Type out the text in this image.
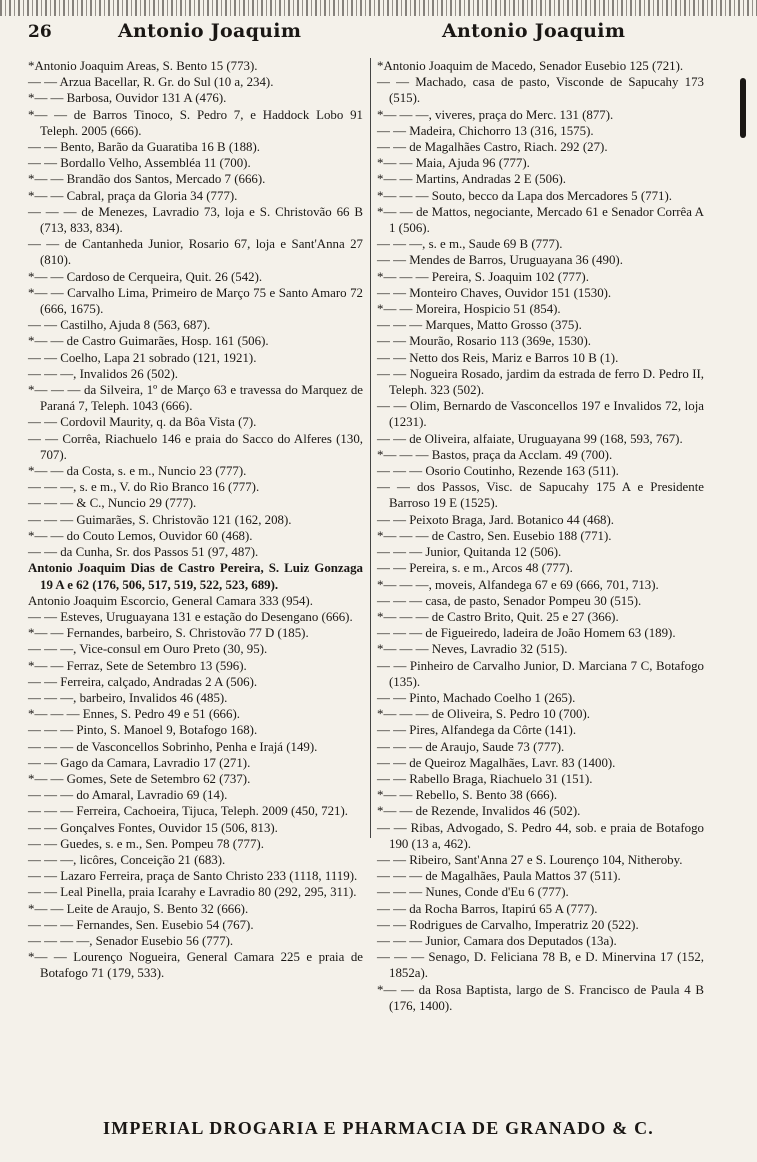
26	Antonio Joaquim	Antonio Joaquim

*Antonio Joaquim Areas, S. Bento 15 (773).

— — Arzua Bacellar, R. Gr. do Sul (10 a, 234).

*— — Barbosa, Ouvidor 131 A (476).

*— — de Barros Tinoco, S. Pedro 7, e Haddock Lobo 91 Teleph. 2005 (666).

— — Bento, Barão da Guaratiba 16 B (188).

— — Bordallo Velho, Assembléa 11 (700).

*— — Brandão dos Santos, Mercado 7 (666).

*— — Cabral, praça da Gloria 34 (777).

— — — de Menezes, Lavradio 73, loja e S. Christovão 66 B (713, 833, 834).

— — de Cantanheda Junior, Rosario 67, loja e Sant'Anna 27 (810).

*— — Cardoso de Cerqueira, Quit. 26 (542).

*— — Carvalho Lima, Primeiro de Março 75 e Santo Amaro 72 (666, 1675).

— — Castilho, Ajuda 8 (563, 687).

*— — de Castro Guimarães, Hosp. 161 (506).

— — Coelho, Lapa 21 sobrado (121, 1921).

— — —, Invalidos 26 (502).

*— — — da Silveira, 1º de Março 63 e travessa do Marquez de Paraná 7, Teleph. 1043 (666).

— — Cordovil Maurity, q. da Bôa Vista (7).

— — Corrêa, Riachuelo 146 e praia do Sacco do Alferes (130, 707).

*— — da Costa, s. e m., Nuncio 23 (777).

— — —, s. e m., V. do Rio Branco 16 (777).

— — — & C., Nuncio 29 (777).

— — — Guimarães, S. Christovão 121 (162, 208).

*— — do Couto Lemos, Ouvidor 60 (468).

— — da Cunha, Sr. dos Passos 51 (97, 487).

Antonio Joaquim Dias de Castro Pereira, S. Luiz Gonzaga 19 A e 62 (176, 506, 517, 519, 522, 523, 689).

Antonio Joaquim Escorcio, General Camara 333 (954).

— — Esteves, Uruguayana 131 e estação do Desengano (666).

*— — Fernandes, barbeiro, S. Christovão 77 D (185).

— — —, Vice-consul em Ouro Preto (30, 95).

*— — Ferraz, Sete de Setembro 13 (596).

— — Ferreira, calçado, Andradas 2 A (506).

— — —, barbeiro, Invalidos 46 (485).

*— — — Ennes, S. Pedro 49 e 51 (666).

— — — Pinto, S. Manoel 9, Botafogo 168).

— — — de Vasconcellos Sobrinho, Penha e Irajá (149).

— — Gago da Camara, Lavradio 17 (271).

*— — Gomes, Sete de Setembro 62 (737).

— — — do Amaral, Lavradio 69 (14).

— — — Ferreira, Cachoeira, Tijuca, Teleph. 2009 (450, 721).

— — Gonçalves Fontes, Ouvidor 15 (506, 813).

— — Guedes, s. e m., Sen. Pompeu 78 (777).

— — —, licôres, Conceição 21 (683).

— — Lazaro Ferreira, praça de Santo Christo 233 (1118, 1119).

— — Leal Pinella, praia Icarahy e Lavradio 80 (292, 295, 311).

*— — Leite de Araujo, S. Bento 32 (666).

— — — Fernandes, Sen. Eusebio 54 (767).

— — — —, Senador Eusebio 56 (777).

*— — Lourenço Nogueira, General Camara 225 e praia de Botafogo 71 (179, 533).

*Antonio Joaquim de Macedo, Senador Eusebio 125 (721).

— — Machado, casa de pasto, Visconde de Sapucahy 173 (515).

*— — —, viveres, praça do Merc. 131 (877).

— — Madeira, Chichorro 13 (316, 1575).

— — de Magalhães Castro, Riach. 292 (27).

*— — Maia, Ajuda 96 (777).

*— — Martins, Andradas 2 E (506).

*— — — Souto, becco da Lapa dos Mercadores 5 (771).

*— — de Mattos, negociante, Mercado 61 e Senador Corrêa A 1 (506).

— — —, s. e m., Saude 69 B (777).

— — Mendes de Barros, Uruguayana 36 (490).

*— — — Pereira, S. Joaquim 102 (777).

— — Monteiro Chaves, Ouvidor 151 (1530).

*— — Moreira, Hospicio 51 (854).

— — — Marques, Matto Grosso (375).

— — Mourão, Rosario 113 (369e, 1530).

— — Netto dos Reis, Mariz e Barros 10 B (1).

— — Nogueira Rosado, jardim da estrada de ferro D. Pedro II, Teleph. 323 (502).

— — Olim, Bernardo de Vasconcellos 197 e Invalidos 72, loja (1231).

— — de Oliveira, alfaiate, Uruguayana 99 (168, 593, 767).

*— — — Bastos, praça da Acclam. 49 (700).

— — — Osorio Coutinho, Rezende 163 (511).

— — dos Passos, Visc. de Sapucahy 175 A e Presidente Barroso 19 E (1525).

— — Peixoto Braga, Jard. Botanico 44 (468).

*— — — de Castro, Sen. Eusebio 188 (771).

— — — Junior, Quitanda 12 (506).

— — Pereira, s. e m., Arcos 48 (777).

*— — —, moveis, Alfandega 67 e 69 (666, 701, 713).

— — — casa, de pasto, Senador Pompeu 30 (515).

*— — — de Castro Brito, Quit. 25 e 27 (366).

— — — de Figueiredo, ladeira de João Homem 63 (189).

*— — — Neves, Lavradio 32 (515).

— — Pinheiro de Carvalho Junior, D. Marciana 7 C, Botafogo (135).

— — Pinto, Machado Coelho 1 (265).

*— — — de Oliveira, S. Pedro 10 (700).

— — Pires, Alfandega da Côrte (141).

— — — de Araujo, Saude 73 (777).

— — de Queiroz Magalhães, Lavr. 83 (1400).

— — Rabello Braga, Riachuelo 31 (151).

*— — Rebello, S. Bento 38 (666).

*— — de Rezende, Invalidos 46 (502).

— — Ribas, Advogado, S. Pedro 44, sob. e praia de Botafogo 190 (13 a, 462).

— — Ribeiro, Sant'Anna 27 e S. Lourenço 104, Nitheroby.

— — — de Magalhães, Paula Mattos 37 (511).

— — — Nunes, Conde d'Eu 6 (777).

— — da Rocha Barros, Itapirú 65 A (777).

— — Rodrigues de Carvalho, Imperatriz 20 (522).

— — — Junior, Camara dos Deputados (13a).

— — — Senago, D. Feliciana 78 B, e D. Minervina 17 (152, 1852a).

*— — da Rosa Baptista, largo de S. Francisco de Paula 4 B (176, 1400).

IMPERIAL DROGARIA E PHARMACIA DE GRANADO & C.
